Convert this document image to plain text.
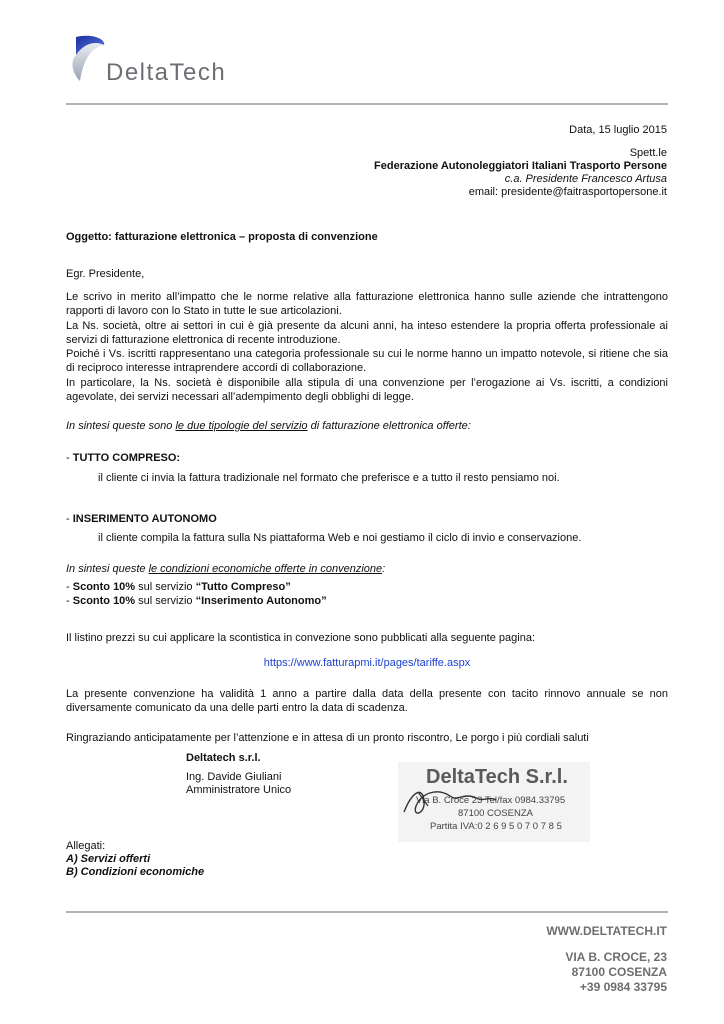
DeltaTech
Data, 15 luglio 2015
Spett.le
Federazione Autonoleggiatori Italiani Trasporto Persone
c.a. Presidente Francesco Artusa
email: presidente@faitrasportopersone.it
Oggetto: fatturazione elettronica – proposta di convenzione
Egr. Presidente,
Le scrivo in merito all’impatto che le norme relative alla fatturazione elettronica hanno sulle aziende che intrattengono rapporti di lavoro con lo Stato in tutte le sue articolazioni.
La Ns. società, oltre ai settori in cui è già presente da alcuni anni, ha inteso estendere la propria offerta professionale ai servizi di fatturazione elettronica di recente introduzione.
Poiché i Vs. iscritti rappresentano una categoria professionale su cui le norme hanno un impatto notevole, si ritiene che sia di reciproco interesse intraprendere accordi di collaborazione.
In particolare, la Ns. società è disponibile alla stipula di una convenzione per l’erogazione ai Vs. iscritti, a condizioni agevolate, dei servizi necessari all’adempimento degli obblighi di legge.
In sintesi queste sono le due tipologie del servizio di fatturazione elettronica offerte:
- TUTTO COMPRESO:
il cliente ci invia la fattura tradizionale nel formato che preferisce e a tutto il resto pensiamo noi.
- INSERIMENTO AUTONOMO
il cliente compila la fattura sulla Ns piattaforma Web e noi gestiamo il ciclo di invio e conservazione.
In sintesi queste le condizioni economiche offerte in convenzione:
- Sconto 10% sul servizio “Tutto Compreso”
- Sconto 10% sul servizio “Inserimento Autonomo”
Il listino prezzi su cui applicare la scontistica in convezione sono pubblicati alla seguente pagina:
https://www.fatturapmi.it/pages/tariffe.aspx
La presente convenzione ha validità 1 anno a partire dalla data della presente con tacito rinnovo annuale se non diversamente comunicato da una delle parti entro la data di scadenza.
Ringraziando anticipatamente per l’attenzione e in attesa di un pronto riscontro, Le porgo i più cordiali saluti
Deltatech s.r.l.
Ing. Davide Giuliani
Amministratore Unico
DeltaTech S.r.l.
Via B. Croce 23 Tel/fax 0984.33795
87100 COSENZA
Partita IVA:0 2 6 9 5 0 7 0 7 8 5
Allegati:
A) Servizi offerti
B) Condizioni economiche
WWW.DELTATECH.IT
VIA B. CROCE, 23
87100 COSENZA
+39 0984 33795
